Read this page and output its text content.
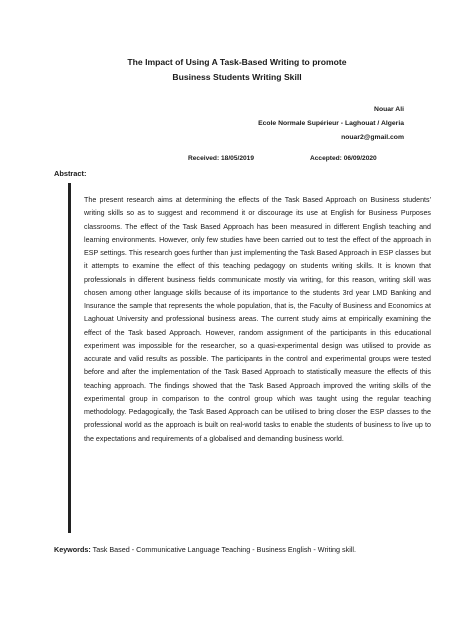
The Impact of Using A Task-Based Writing to promote
Business Students Writing Skill
Nouar Ali
Ecole Normale Supérieur - Laghouat / Algeria
nouar2@gmail.com
Received: 18/05/2019	Accepted: 06/09/2020
Abstract:

The present research aims at determining the effects of the Task Based Approach on Business students' writing skills so as to suggest and recommend it or discourage its use at English for Business Purposes classrooms. The effect of the Task Based Approach has been measured in different English teaching and learning environments. However, only few studies have been carried out to test the effect of the approach in ESP settings. This research goes further than just implementing the Task Based Approach in ESP classes but it attempts to examine the effect of this teaching pedagogy on students writing skills. It is known that professionals in different business fields communicate mostly via writing, for this reason, writing skill was chosen among other language skills because of its importance to the students 3rd year LMD Banking and Insurance the sample that represents the whole population, that is, the Faculty of Business and Economics at Laghouat University and professional business areas. The current study aims at empirically examining the effect of the Task based Approach. However, random assignment of the participants in this educational experiment was impossible for the researcher, so a quasi-experimental design was utilised to provide as accurate and valid results as possible. The participants in the control and experimental groups were tested before and after the implementation of the Task Based Approach to statistically measure the effects of this teaching approach. The findings showed that the Task Based Approach improved the writing skills of the experimental group in comparison to the control group which was taught using the regular teaching methodology. Pedagogically, the Task Based Approach can be utilised to bring closer the ESP classes to the professional world as the approach is built on real-world tasks to enable the students of business to live up to the expectations and requirements of a globalised and demanding business world.

Keywords: Task Based - Communicative Language Teaching - Business English - Writing skill.
